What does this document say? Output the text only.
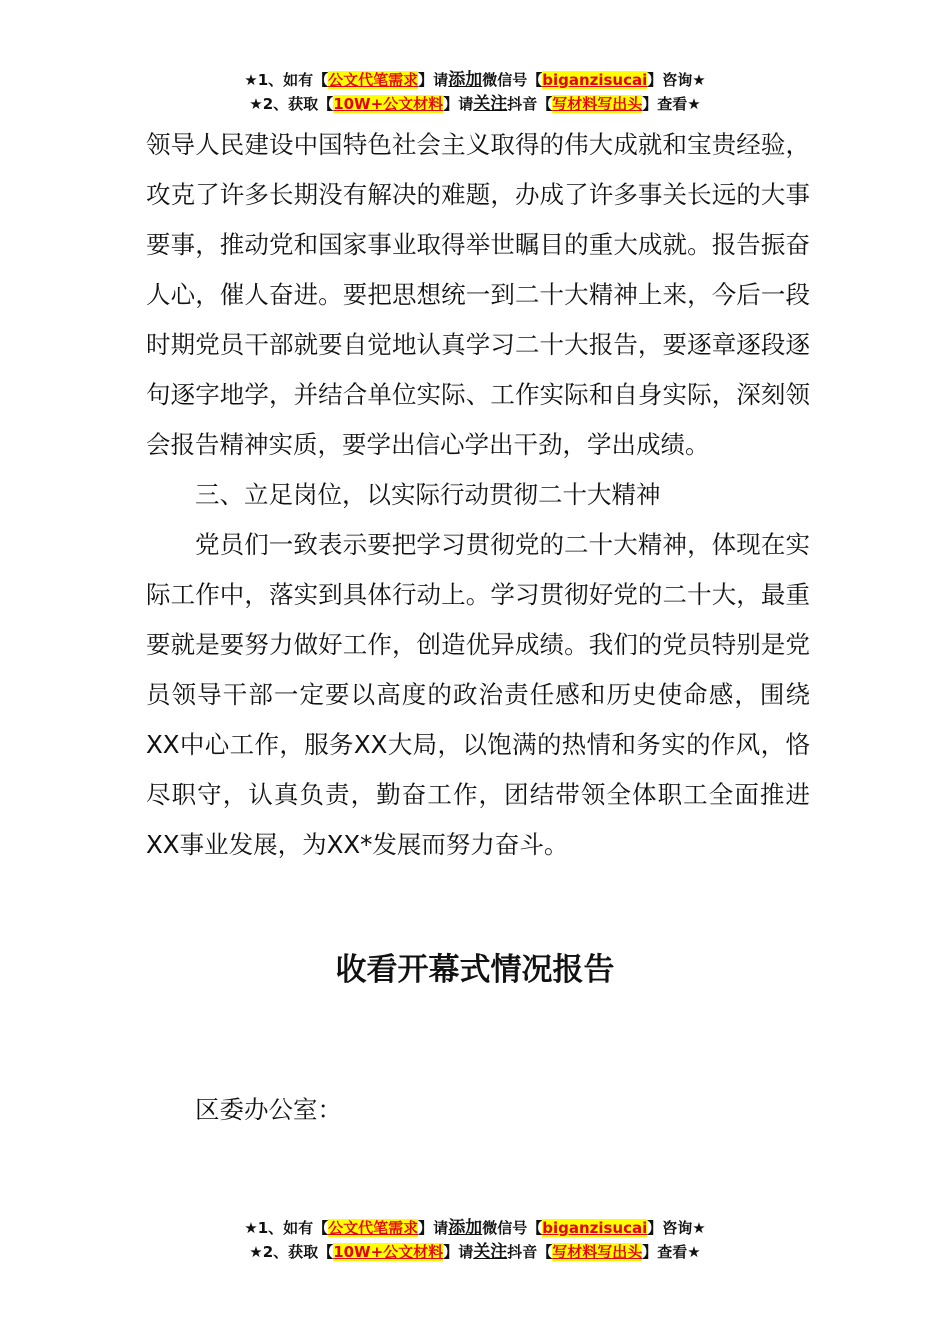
★1、如有【公文代笔需求】请添加微信号【biganzisucai】咨询★
★2、获取【10W+公文材料】请关注抖音【写材料写出头】查看★

领导人民建设中国特色社会主义取得的伟大成就和宝贵经验，攻克了许多长期没有解决的难题，办成了许多事关长远的大事要事，推动党和国家事业取得举世瞩目的重大成就。报告振奋人心，催人奋进。要把思想统一到二十大精神上来，今后一段时期党员干部就要自觉地认真学习二十大报告，要逐章逐段逐句逐字地学，并结合单位实际、工作实际和自身实际，深刻领会报告精神实质，要学出信心学出干劲，学出成绩。

三、立足岗位，以实际行动贯彻二十大精神

党员们一致表示要把学习贯彻党的二十大精神，体现在实际工作中，落实到具体行动上。学习贯彻好党的二十大，最重要就是要努力做好工作，创造优异成绩。我们的党员特别是党员领导干部一定要以高度的政治责任感和历史使命感，围绕XX中心工作，服务XX大局，以饱满的热情和务实的作风，恪尽职守，认真负责，勤奋工作，团结带领全体职工全面推进XX事业发展，为XX*发展而努力奋斗。

收看开幕式情况报告
区委办公室：
★1、如有【公文代笔需求】请添加微信号【biganzisucai】咨询★
★2、获取【10W+公文材料】请关注抖音【写材料写出头】查看★
